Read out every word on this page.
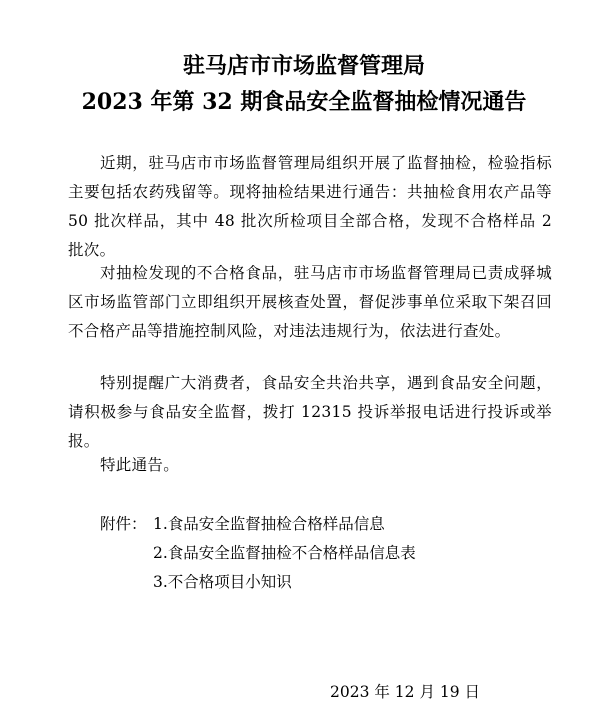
驻马店市市场监督管理局
2023 年第 32 期食品安全监督抽检情况通告

近期，驻马店市市场监督管理局组织开展了监督抽检，检验指标主要包括农药残留等。现将抽检结果进行通告：共抽检食用农产品等 50 批次样品，其中 48 批次所检项目全部合格，发现不合格样品 2 批次。

对抽检发现的不合格食品，驻马店市市场监督管理局已责成驿城区市场监管部门立即组织开展核查处置，督促涉事单位采取下架召回不合格产品等措施控制风险，对违法违规行为，依法进行查处。

特别提醒广大消费者，食品安全共治共享，遇到食品安全问题，请积极参与食品安全监督，拨打 12315 投诉举报电话进行投诉或举报。

特此通告。

附件： 1.食品安全监督抽检合格样品信息
2.食品安全监督抽检不合格样品信息表
3.不合格项目小知识
2023 年 12 月 19 日
